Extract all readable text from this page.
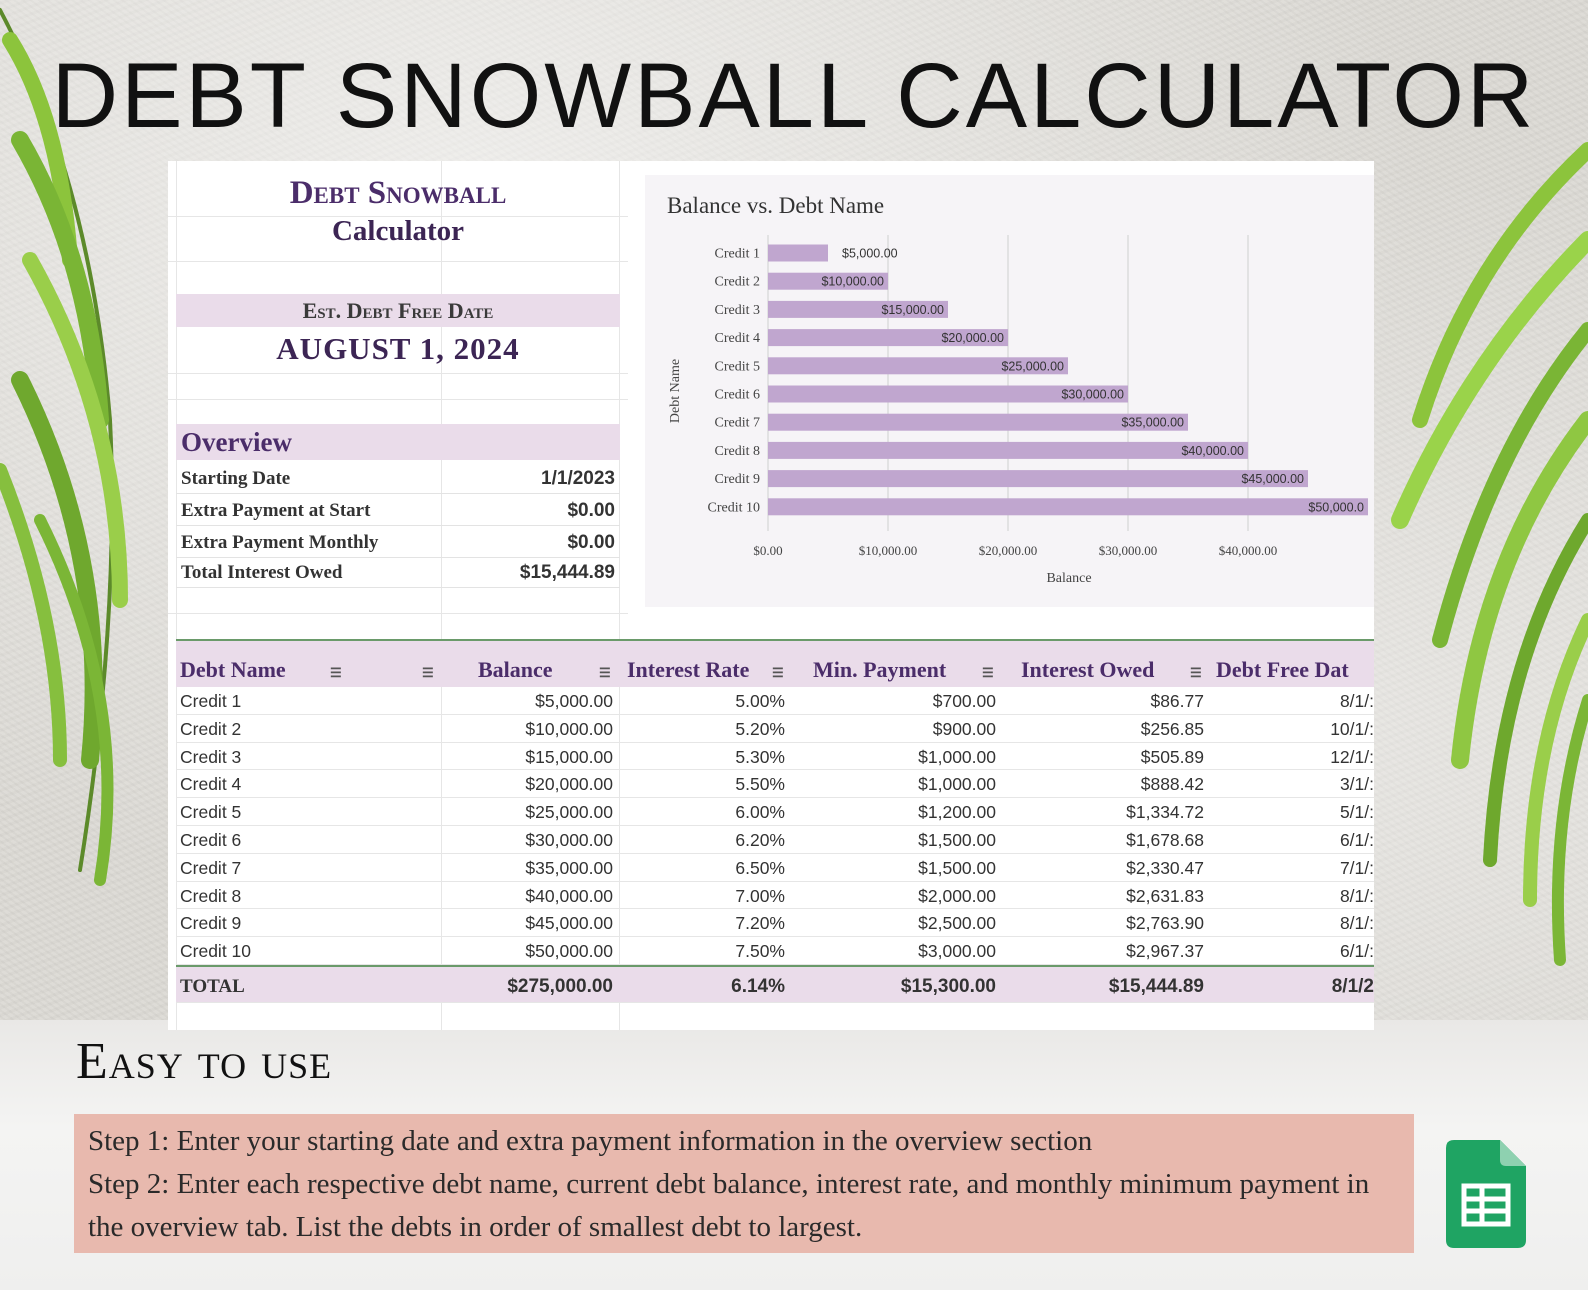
DEBT SNOWBALL CALCULATOR
Debt Snowball
Calculator
Est. Debt Free Date
AUGUST 1, 2024
Overview
Starting Date	1/1/2023
Extra Payment at Start	$0.00
Extra Payment Monthly	$0.00
Total Interest Owed	$15,444.89
Balance vs. Debt Name
$0.00	$10,000.00	$20,000.00	$30,000.00	$40,000.00
Credit 1	$5,000.00
Credit 2	$10,000.00
Credit 3	$15,000.00
Credit 4	$20,000.00
Credit 5	$25,000.00
Credit 6	$30,000.00
Credit 7	$35,000.00
Credit 8	$40,000.00
Credit 9	$45,000.00
Credit 10	$50,000.0
Debt Name
Balance
Debt Name	☰	☰ Balance	☰ Interest Rate ☰ Min. Payment	☰ Interest Owed	☰ Debt Free Dat
Credit 1	$5,000.00	5.00%	$700.00	$86.77	8/1/:
Credit 2	$10,000.00	5.20%	$900.00	$256.85	10/1/:
Credit 3	$15,000.00	5.30%	$1,000.00	$505.89	12/1/:
Credit 4	$20,000.00	5.50%	$1,000.00	$888.42	3/1/:
Credit 5	$25,000.00	6.00%	$1,200.00	$1,334.72	5/1/:
Credit 6	$30,000.00	6.20%	$1,500.00	$1,678.68	6/1/:
Credit 7	$35,000.00	6.50%	$1,500.00	$2,330.47	7/1/:
Credit 8	$40,000.00	7.00%	$2,000.00	$2,631.83	8/1/:
Credit 9	$45,000.00	7.20%	$2,500.00	$2,763.90	8/1/:
Credit 10	$50,000.00	7.50%	$3,000.00	$2,967.37	6/1/:
TOTAL	$275,000.00	6.14%	$15,300.00	$15,444.89	8/1/2
Easy to use
Step 1: Enter your starting date and extra payment information in the overview section
Step 2: Enter each respective debt name, current debt balance, interest rate, and monthly minimum payment in the overview tab. List the debts in order of smallest debt to largest.
